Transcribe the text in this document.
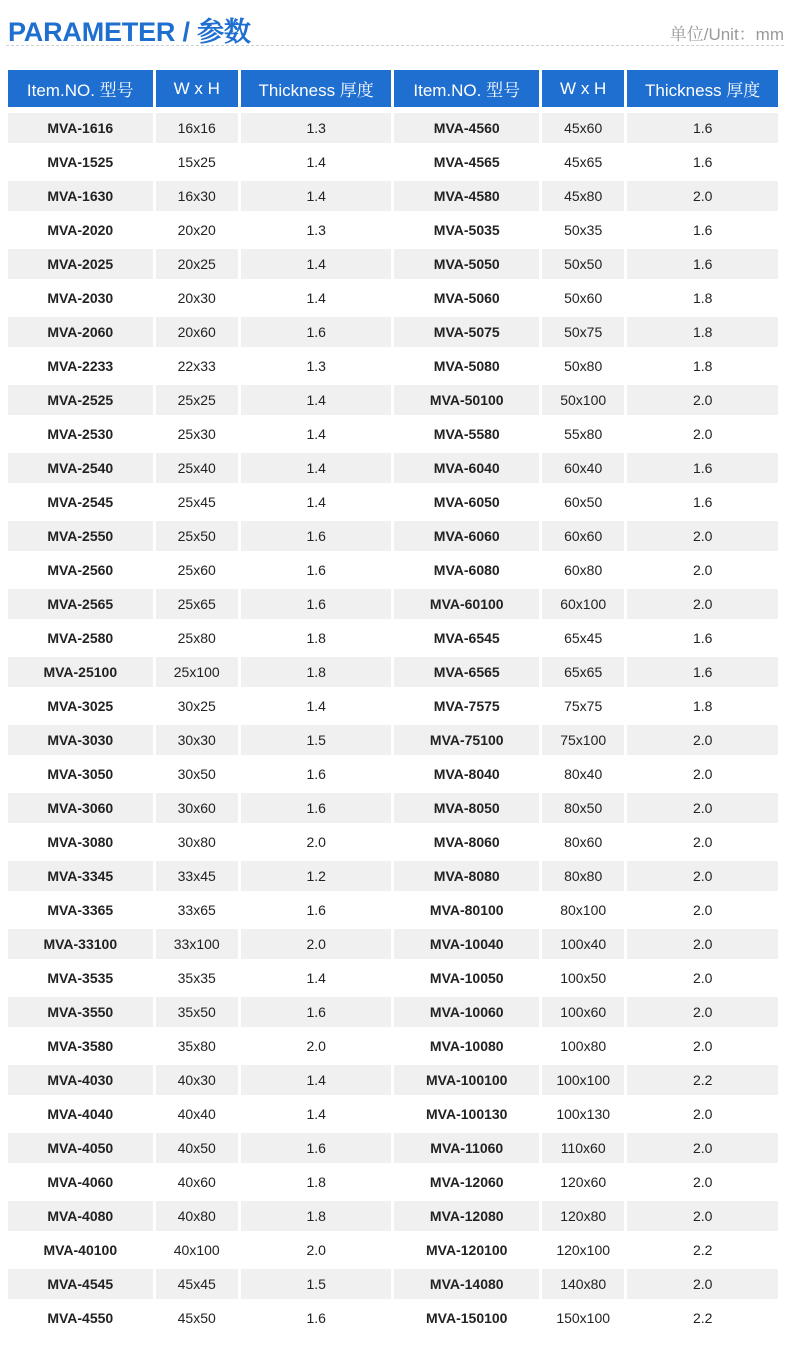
PARAMETER / 参数	单位/Unit：mm
Item.NO. 型号	W x H	Thickness 厚度	Item.NO. 型号	W x H	Thickness 厚度

MVA-1616	16x16	1.3	MVA-4560	45x60	1.6
MVA-1525	15x25	1.4	MVA-4565	45x65	1.6
MVA-1630	16x30	1.4	MVA-4580	45x80	2.0
MVA-2020	20x20	1.3	MVA-5035	50x35	1.6
MVA-2025	20x25	1.4	MVA-5050	50x50	1.6
MVA-2030	20x30	1.4	MVA-5060	50x60	1.8
MVA-2060	20x60	1.6	MVA-5075	50x75	1.8
MVA-2233	22x33	1.3	MVA-5080	50x80	1.8
MVA-2525	25x25	1.4	MVA-50100	50x100	2.0
MVA-2530	25x30	1.4	MVA-5580	55x80	2.0
MVA-2540	25x40	1.4	MVA-6040	60x40	1.6
MVA-2545	25x45	1.4	MVA-6050	60x50	1.6
MVA-2550	25x50	1.6	MVA-6060	60x60	2.0
MVA-2560	25x60	1.6	MVA-6080	60x80	2.0
MVA-2565	25x65	1.6	MVA-60100	60x100	2.0
MVA-2580	25x80	1.8	MVA-6545	65x45	1.6
MVA-25100	25x100	1.8	MVA-6565	65x65	1.6
MVA-3025	30x25	1.4	MVA-7575	75x75	1.8
MVA-3030	30x30	1.5	MVA-75100	75x100	2.0
MVA-3050	30x50	1.6	MVA-8040	80x40	2.0
MVA-3060	30x60	1.6	MVA-8050	80x50	2.0
MVA-3080	30x80	2.0	MVA-8060	80x60	2.0
MVA-3345	33x45	1.2	MVA-8080	80x80	2.0
MVA-3365	33x65	1.6	MVA-80100	80x100	2.0
MVA-33100	33x100	2.0	MVA-10040	100x40	2.0
MVA-3535	35x35	1.4	MVA-10050	100x50	2.0
MVA-3550	35x50	1.6	MVA-10060	100x60	2.0
MVA-3580	35x80	2.0	MVA-10080	100x80	2.0
MVA-4030	40x30	1.4	MVA-100100	100x100	2.2
MVA-4040	40x40	1.4	MVA-100130	100x130	2.0
MVA-4050	40x50	1.6	MVA-11060	110x60	2.0
MVA-4060	40x60	1.8	MVA-12060	120x60	2.0
MVA-4080	40x80	1.8	MVA-12080	120x80	2.0
MVA-40100	40x100	2.0	MVA-120100	120x100	2.2
MVA-4545	45x45	1.5	MVA-14080	140x80	2.0
MVA-4550	45x50	1.6	MVA-150100	150x100	2.2
